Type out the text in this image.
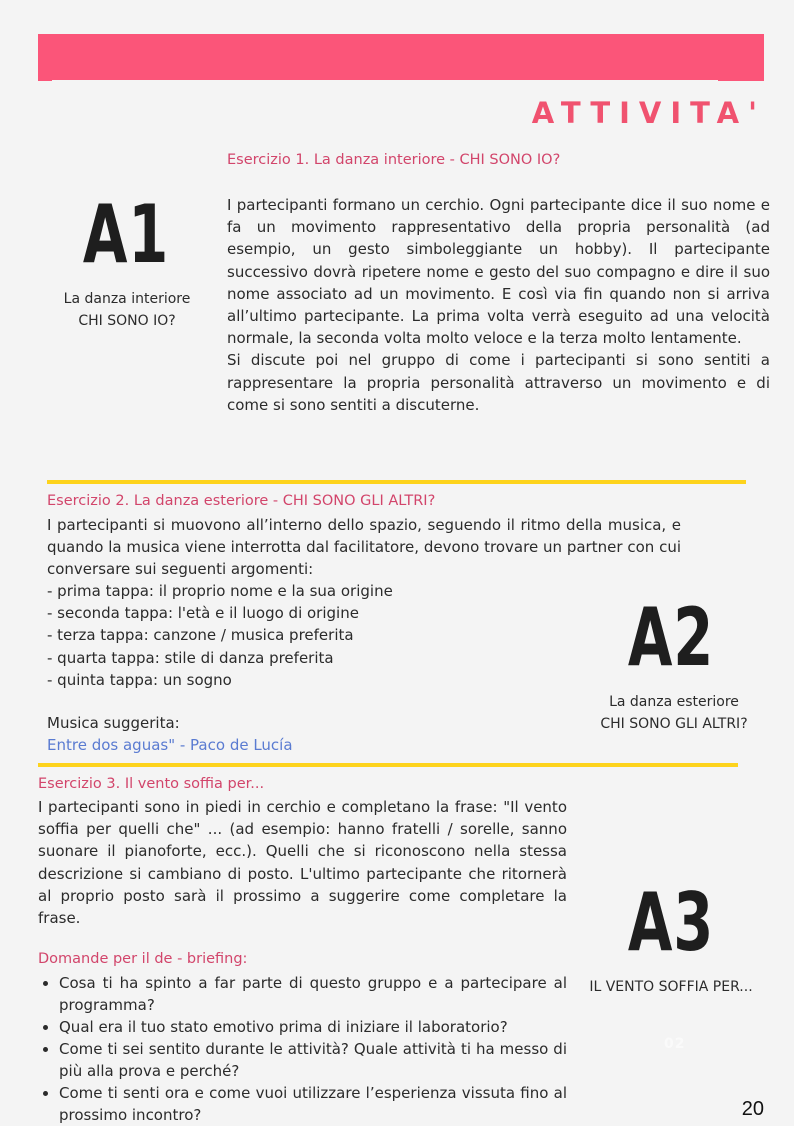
ATTIVITA'
Esercizio 1. La danza interiore - CHI SONO IO?
A1
La danza interiore
CHI SONO IO?
I partecipanti formano un cerchio. Ogni partecipante dice il suo nome e fa un movimento rappresentativo della propria personalità (ad esempio, un gesto simboleggiante un hobby). Il partecipante successivo dovrà ripetere nome e gesto del suo compagno e dire il suo nome associato ad un movimento. E così via fin quando non si arriva all’ultimo partecipante. La prima volta verrà eseguito ad una velocità normale, la seconda volta molto veloce e la terza molto lentamente.
Si discute poi nel gruppo di come i partecipanti si sono sentiti a rappresentare la propria personalità attraverso un movimento e di come si sono sentiti a discuterne.
Esercizio 2. La danza esteriore - CHI SONO GLI ALTRI?
I partecipanti si muovono all’interno dello spazio, seguendo il ritmo della musica, e quando la musica viene interrotta dal facilitatore, devono trovare un partner con cui conversare sui seguenti argomenti:
- prima tappa: il proprio nome e la sua origine
- seconda tappa: l'età e il luogo di origine
- terza tappa: canzone / musica preferita
- quarta tappa: stile di danza preferita
- quinta tappa: un sogno
Musica suggerita:
Entre dos aguas" - Paco de Lucía
A2
La danza esteriore
CHI SONO GLI ALTRI?
Esercizio 3. Il vento soffia per...
I partecipanti sono in piedi in cerchio e completano la frase: "Il vento soffia per quelli che" ... (ad esempio: hanno fratelli / sorelle, sanno suonare il pianoforte, ecc.). Quelli che si riconoscono nella stessa descrizione si cambiano di posto. L'ultimo partecipante che ritornerà al proprio posto sarà il prossimo a suggerire come completare la frase.
Domande per il de - briefing:
• Cosa ti ha spinto a far parte di questo gruppo e a partecipare al programma?
• Qual era il tuo stato emotivo prima di iniziare il laboratorio?
• Come ti sei sentito durante le attività? Quale attività ti ha messo di più alla prova e perché?
• Come ti senti ora e come vuoi utilizzare l’esperienza vissuta fino al prossimo incontro?
A3
IL VENTO SOFFIA PER...
02
20
